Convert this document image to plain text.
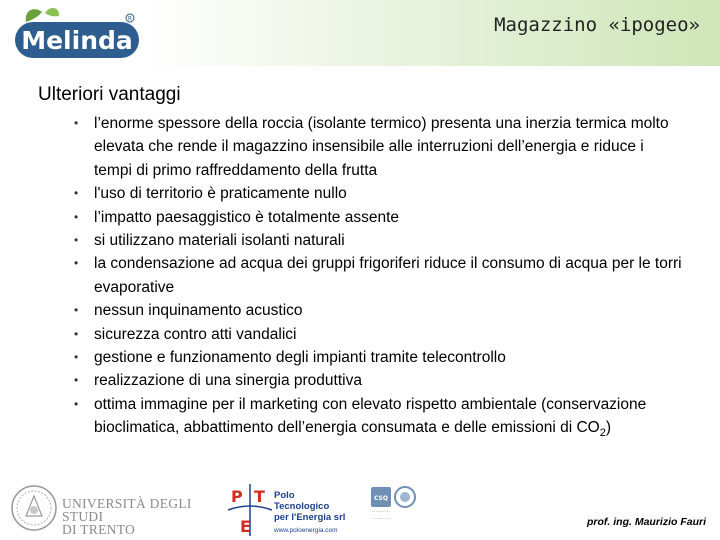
Melinda
R	Magazzino «ipogeo»
Ulteriori vantaggi
• l’enorme spessore della roccia (isolante termico) presenta una inerzia termica molto elevata che rende il magazzino insensibile alle interruzioni dell’energia e riduce i tempi di primo raffreddamento della frutta
• l'uso di territorio è praticamente nullo
• l’impatto paesaggistico è totalmente assente
• si utilizzano materiali isolanti naturali
• la condensazione ad acqua dei gruppi frigoriferi riduce il consumo di acqua per le torri evaporative
• nessun inquinamento acustico
• sicurezza contro atti vandalici
• gestione e funzionamento degli impianti tramite telecontrollo
• realizzazione di una sinergia produttiva
• ottima immagine per il marketing con elevato rispetto ambientale (conservazione bioclimatica, abbattimento dell’energia consumata e delle emissioni di $CO_2$)
UNIVERSITÀ DEGLI STUDI
DI TRENTO
P T
E
Polo
Tecnologico
per l'Energia srl
www.poloenergia.com
CSQ
··········
··········	prof. ing. Maurizio Fauri
